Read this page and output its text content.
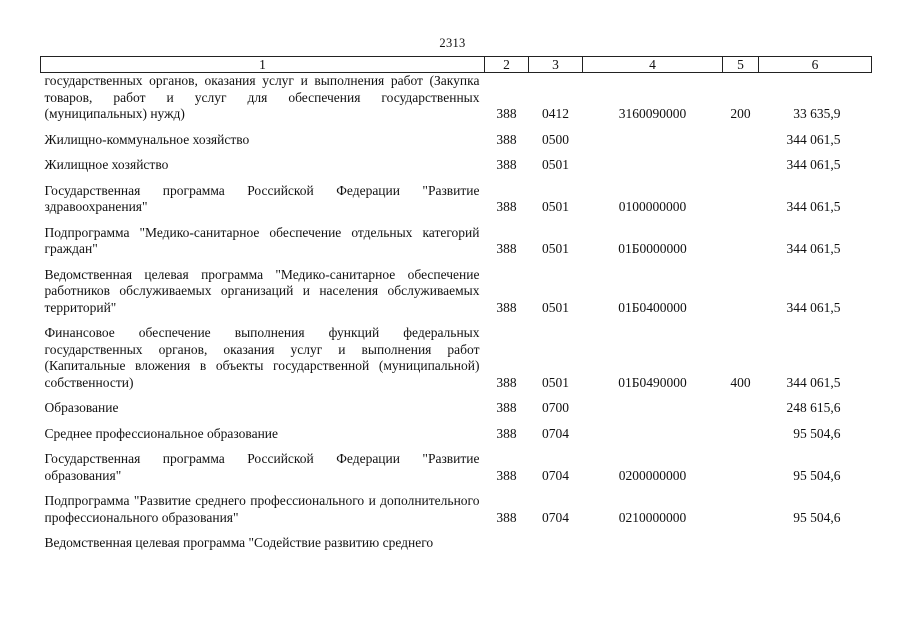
2313
1	2	3	4	5	6
государственных органов, оказания услуг и выполнения работ (Закупка товаров, работ и услуг для обеспечения государственных (муниципальных) нужд)	388	0412	3160090000	200	33 635,9
Жилищно-коммунальное хозяйство	388	0500			344 061,5
Жилищное хозяйство	388	0501			344 061,5
Государственная программа Российской Федерации "Развитие здравоохранения"	388	0501	0100000000		344 061,5
Подпрограмма "Медико-санитарное обеспечение отдельных категорий граждан"	388	0501	01Б0000000		344 061,5
Ведомственная целевая программа "Медико-санитарное обеспечение работников обслуживаемых организаций и населения обслуживаемых территорий"	388	0501	01Б0400000		344 061,5
Финансовое обеспечение выполнения функций федеральных государственных органов, оказания услуг и выполнения работ (Капитальные вложения в объекты государственной (муниципальной) собственности)	388	0501	01Б0490000	400	344 061,5
Образование	388	0700			248 615,6
Среднее профессиональное образование	388	0704			95 504,6
Государственная программа Российской Федерации "Развитие образования"	388	0704	0200000000		95 504,6
Подпрограмма "Развитие среднего профессионального и дополнительного профессионального образования"	388	0704	0210000000		95 504,6
Ведомственная целевая программа "Содействие развитию среднего					
